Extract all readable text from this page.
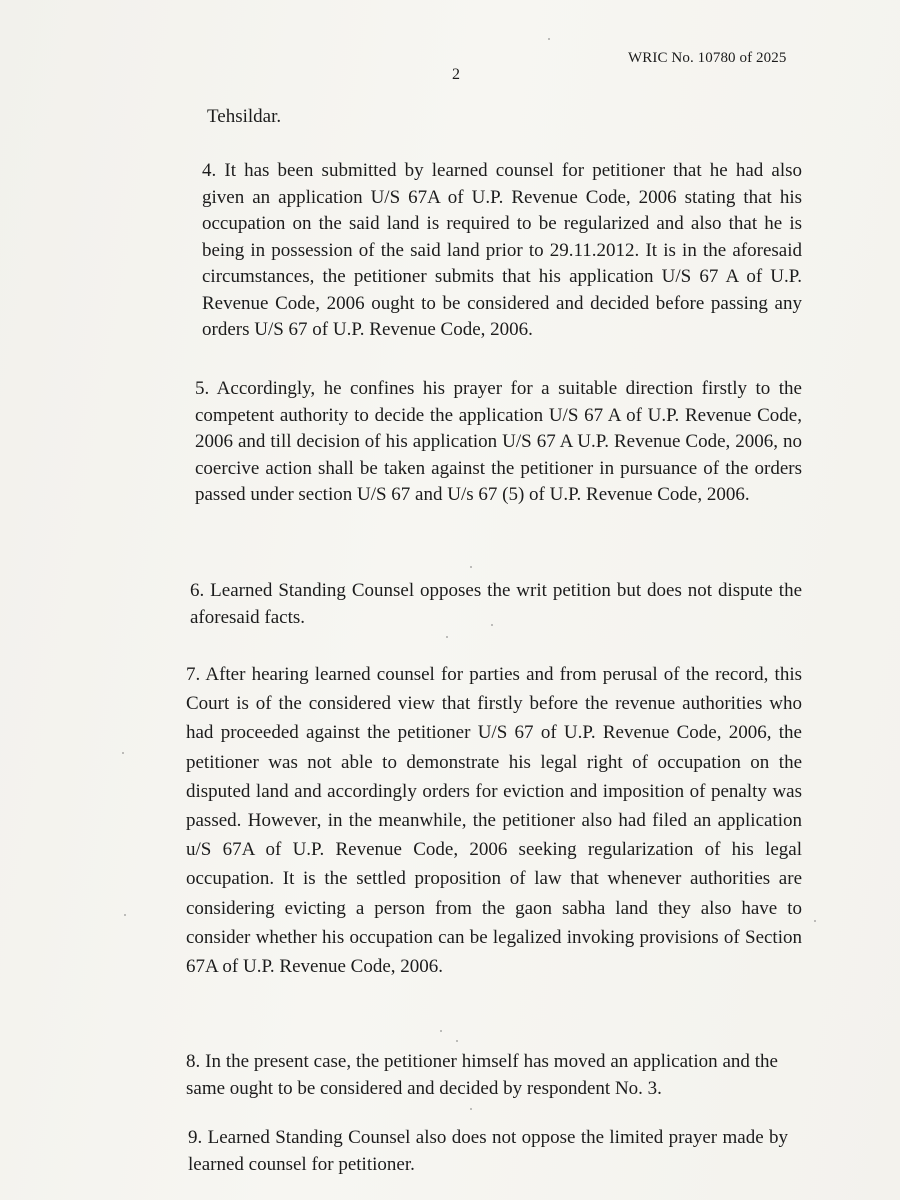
WRIC No. 10780 of 2025
2

Tehsildar.

4. It has been submitted by learned counsel for petitioner that he had also given an application U/S 67A of U.P. Revenue Code, 2006 stating that his occupation on the said land is required to be regularized and also that he is being in possession of the said land prior to 29.11.2012. It is in the aforesaid circumstances, the petitioner submits that his application U/S 67 A of U.P. Revenue Code, 2006 ought to be considered and decided before passing any orders U/S 67 of U.P. Revenue Code, 2006.

5. Accordingly, he confines his prayer for a suitable direction firstly to the competent authority to decide the application U/S 67 A of U.P. Revenue Code, 2006 and till decision of his application U/S 67 A U.P. Revenue Code, 2006, no coercive action shall be taken against the petitioner in pursuance of the orders passed under section U/S 67 and U/s 67 (5) of U.P. Revenue Code, 2006.

6. Learned Standing Counsel opposes the writ petition but does not dispute the aforesaid facts.

7. After hearing learned counsel for parties and from perusal of the record, this Court is of the considered view that firstly before the revenue authorities who had proceeded against the petitioner U/S 67 of U.P. Revenue Code, 2006, the petitioner was not able to demonstrate his legal right of occupation on the disputed land and accordingly orders for eviction and imposition of penalty was passed. However, in the meanwhile, the petitioner also had filed an application u/S 67A of U.P. Revenue Code, 2006 seeking regularization of his legal occupation. It is the settled proposition of law that whenever authorities are considering evicting a person from the gaon sabha land they also have to consider whether his occupation can be legalized invoking provisions of Section 67A of U.P. Revenue Code, 2006.

8. In the present case, the petitioner himself has moved an application and the same ought to be considered and decided by respondent No. 3.

9. Learned Standing Counsel also does not oppose the limited prayer made by learned counsel for petitioner.
